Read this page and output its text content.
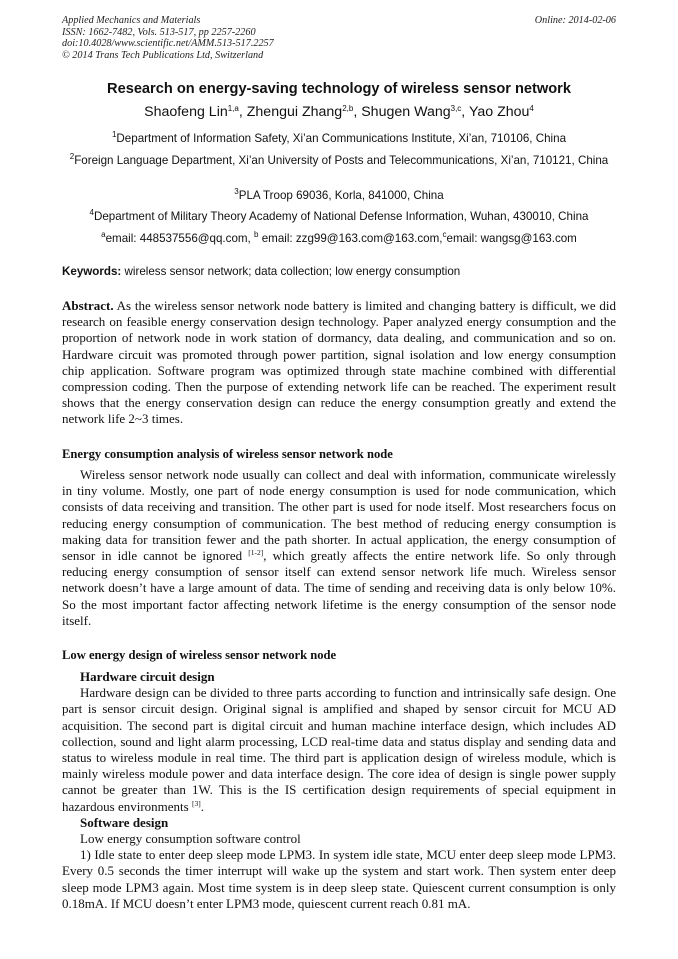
Applied Mechanics and Materials
ISSN: 1662-7482, Vols. 513-517, pp 2257-2260
doi:10.4028/www.scientific.net/AMM.513-517.2257
© 2014 Trans Tech Publications Ltd, Switzerland
Online: 2014-02-06
Research on energy-saving technology of wireless sensor network
Shaofeng Lin$^{1,a}$, Zhengui Zhang$^{2,b}$, Shugen Wang$^{3,c}$, Yao Zhou$^4$
$^1$Department of Information Safety, Xi’an Communications Institute, Xi’an, 710106, China
$^2$Foreign Language Department, Xi’an University of Posts and Telecommunications, Xi’an, 710121, China
$^3$PLA Troop 69036, Korla, 841000, China
$^4$Department of Military Theory Academy of National Defense Information, Wuhan, 430010, China
$^a$email: 448537556@qq.com, $^b$ email: zzg99@163.com@163.com,$^c$email: wangsg@163.com
Keywords: wireless sensor network; data collection; low energy consumption

Abstract. As the wireless sensor network node battery is limited and changing battery is difficult, we did research on feasible energy conservation design technology. Paper analyzed energy consumption and the proportion of network node in work station of dormancy, data dealing, and communication and so on. Hardware circuit was promoted through power partition, signal isolation and low energy consumption chip application. Software program was optimized through state machine combined with differential compression coding. Then the purpose of extending network life can be reached. The experiment result shows that the energy conservation design can reduce the energy consumption greatly and extend the network life 2~3 times.

Energy consumption analysis of wireless sensor network node

Wireless sensor network node usually can collect and deal with information, communicate wirelessly in tiny volume. Mostly, one part of node energy consumption is used for node communication, which consists of data receiving and transition. The other part is used for node itself. Most researchers focus on reducing energy consumption of communication. The best method of reducing energy consumption is making data for transition fewer and the path shorter. In actual application, the energy consumption of sensor in idle cannot be ignored [1-2], which greatly affects the entire network life. So only through reducing energy consumption of sensor itself can extend sensor network life much. Wireless sensor network doesn’t have a large amount of data. The time of sending and receiving data is only below 10%. So the most important factor affecting network lifetime is the energy consumption of the sensor node itself.

Low energy design of wireless sensor network node

Hardware circuit design

Hardware design can be divided to three parts according to function and intrinsically safe design. One part is sensor circuit design. Original signal is amplified and shaped by sensor circuit for MCU AD acquisition. The second part is digital circuit and human machine interface design, which includes AD collection, sound and light alarm processing, LCD real-time data and status display and sending data and status to wireless module in real time. The third part is application design of wireless module, which is mainly wireless module power and data interface design. The core idea of design is single power supply cannot be greater than 1W. This is the IS certification design requirements of special equipment in hazardous environments [3].

Software design

Low energy consumption software control

1) Idle state to enter deep sleep mode LPM3. In system idle state, MCU enter deep sleep mode LPM3. Every 0.5 seconds the timer interrupt will wake up the system and start work. Then system enter deep sleep mode LPM3 again. Most time system is in deep sleep state. Quiescent current consumption is only 0.18mA. If MCU doesn’t enter LPM3 mode, quiescent current reach 0.81 mA.
